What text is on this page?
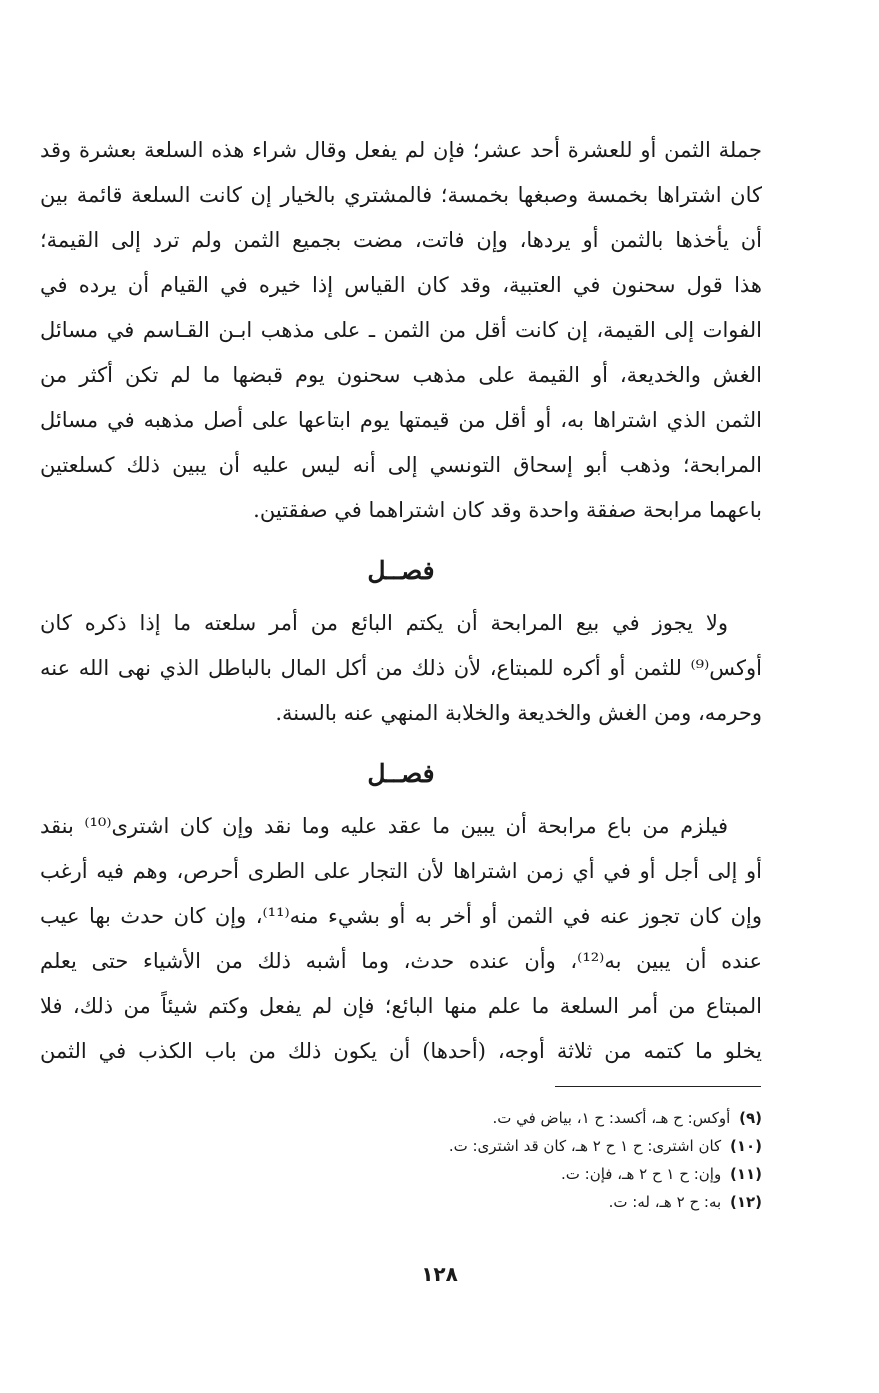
جملة الثمن أو للعشرة أحد عشر؛ فإن لم يفعل وقال شراء هذه السلعة بعشرة وقد
كان اشتراها بخمسة وصبغها بخمسة؛ فالمشتري بالخيار إن كانت السلعة قائمة بين
أن يأخذها بالثمن أو يردها، وإن فاتت، مضت بجميع الثمن ولم ترد إلى القيمة؛
هذا قول سحنون في العتبية، وقد كان القياس إذا خيره في القيام أن يرده في
الفوات إلى القيمة، إن كانت أقل من الثمن ـ على مذهب ابـن القـاسم في مسائل
الغش والخديعة، أو القيمة على مذهب سحنون يوم قبضها ما لم تكن أكثر من
الثمن الذي اشتراها به، أو أقل من قيمتها يوم ابتاعها على أصل مذهبه في مسائل
المرابحة؛ وذهب أبو إسحاق التونسي إلى أنه ليس عليه أن يبين ذلك كسلعتين
باعهما مرابحة صفقة واحدة وقد كان اشتراهما في صفقتين.
فصــل
ولا يجوز في بيع المرابحة أن يكتم البائع من أمر سلعته ما إذا ذكره كان
أوكس⁽⁹⁾ للثمن أو أكره للمبتاع، لأن ذلك من أكل المال بالباطل الذي نهى الله عنه
وحرمه، ومن الغش والخديعة والخلابة المنهي عنه بالسنة.
فصــل
فيلزم من باع مرابحة أن يبين ما عقد عليه وما نقد وإن كان اشترى⁽¹⁰⁾ بنقد
أو إلى أجل أو في أي زمن اشتراها لأن التجار على الطرى أحرص، وهم فيه أرغب
وإن كان تجوز عنه في الثمن أو أخر به أو بشيء منه⁽¹¹⁾، وإن كان حدث بها عيب
عنده أن يبين به⁽¹²⁾، وأن عنده حدث، وما أشبه ذلك من الأشياء حتى يعلم
المبتاع من أمر السلعة ما علم منها البائع؛ فإن لم يفعل وكتم شيئاً من ذلك، فلا
يخلو ما كتمه من ثلاثة أوجه، (أحدها) أن يكون ذلك من باب الكذب في الثمن
(٩) أوكس: ح هـ، أكسد: ح ١، بياض في ت.
(١٠) كان اشترى: ح ١ ح ٢ هـ، كان قد اشترى: ت.
(١١) وإن: ح ١ ح ٢ هـ، فإن: ت.
(١٢) به: ح ٢ هـ، له: ت.
١٢٨
